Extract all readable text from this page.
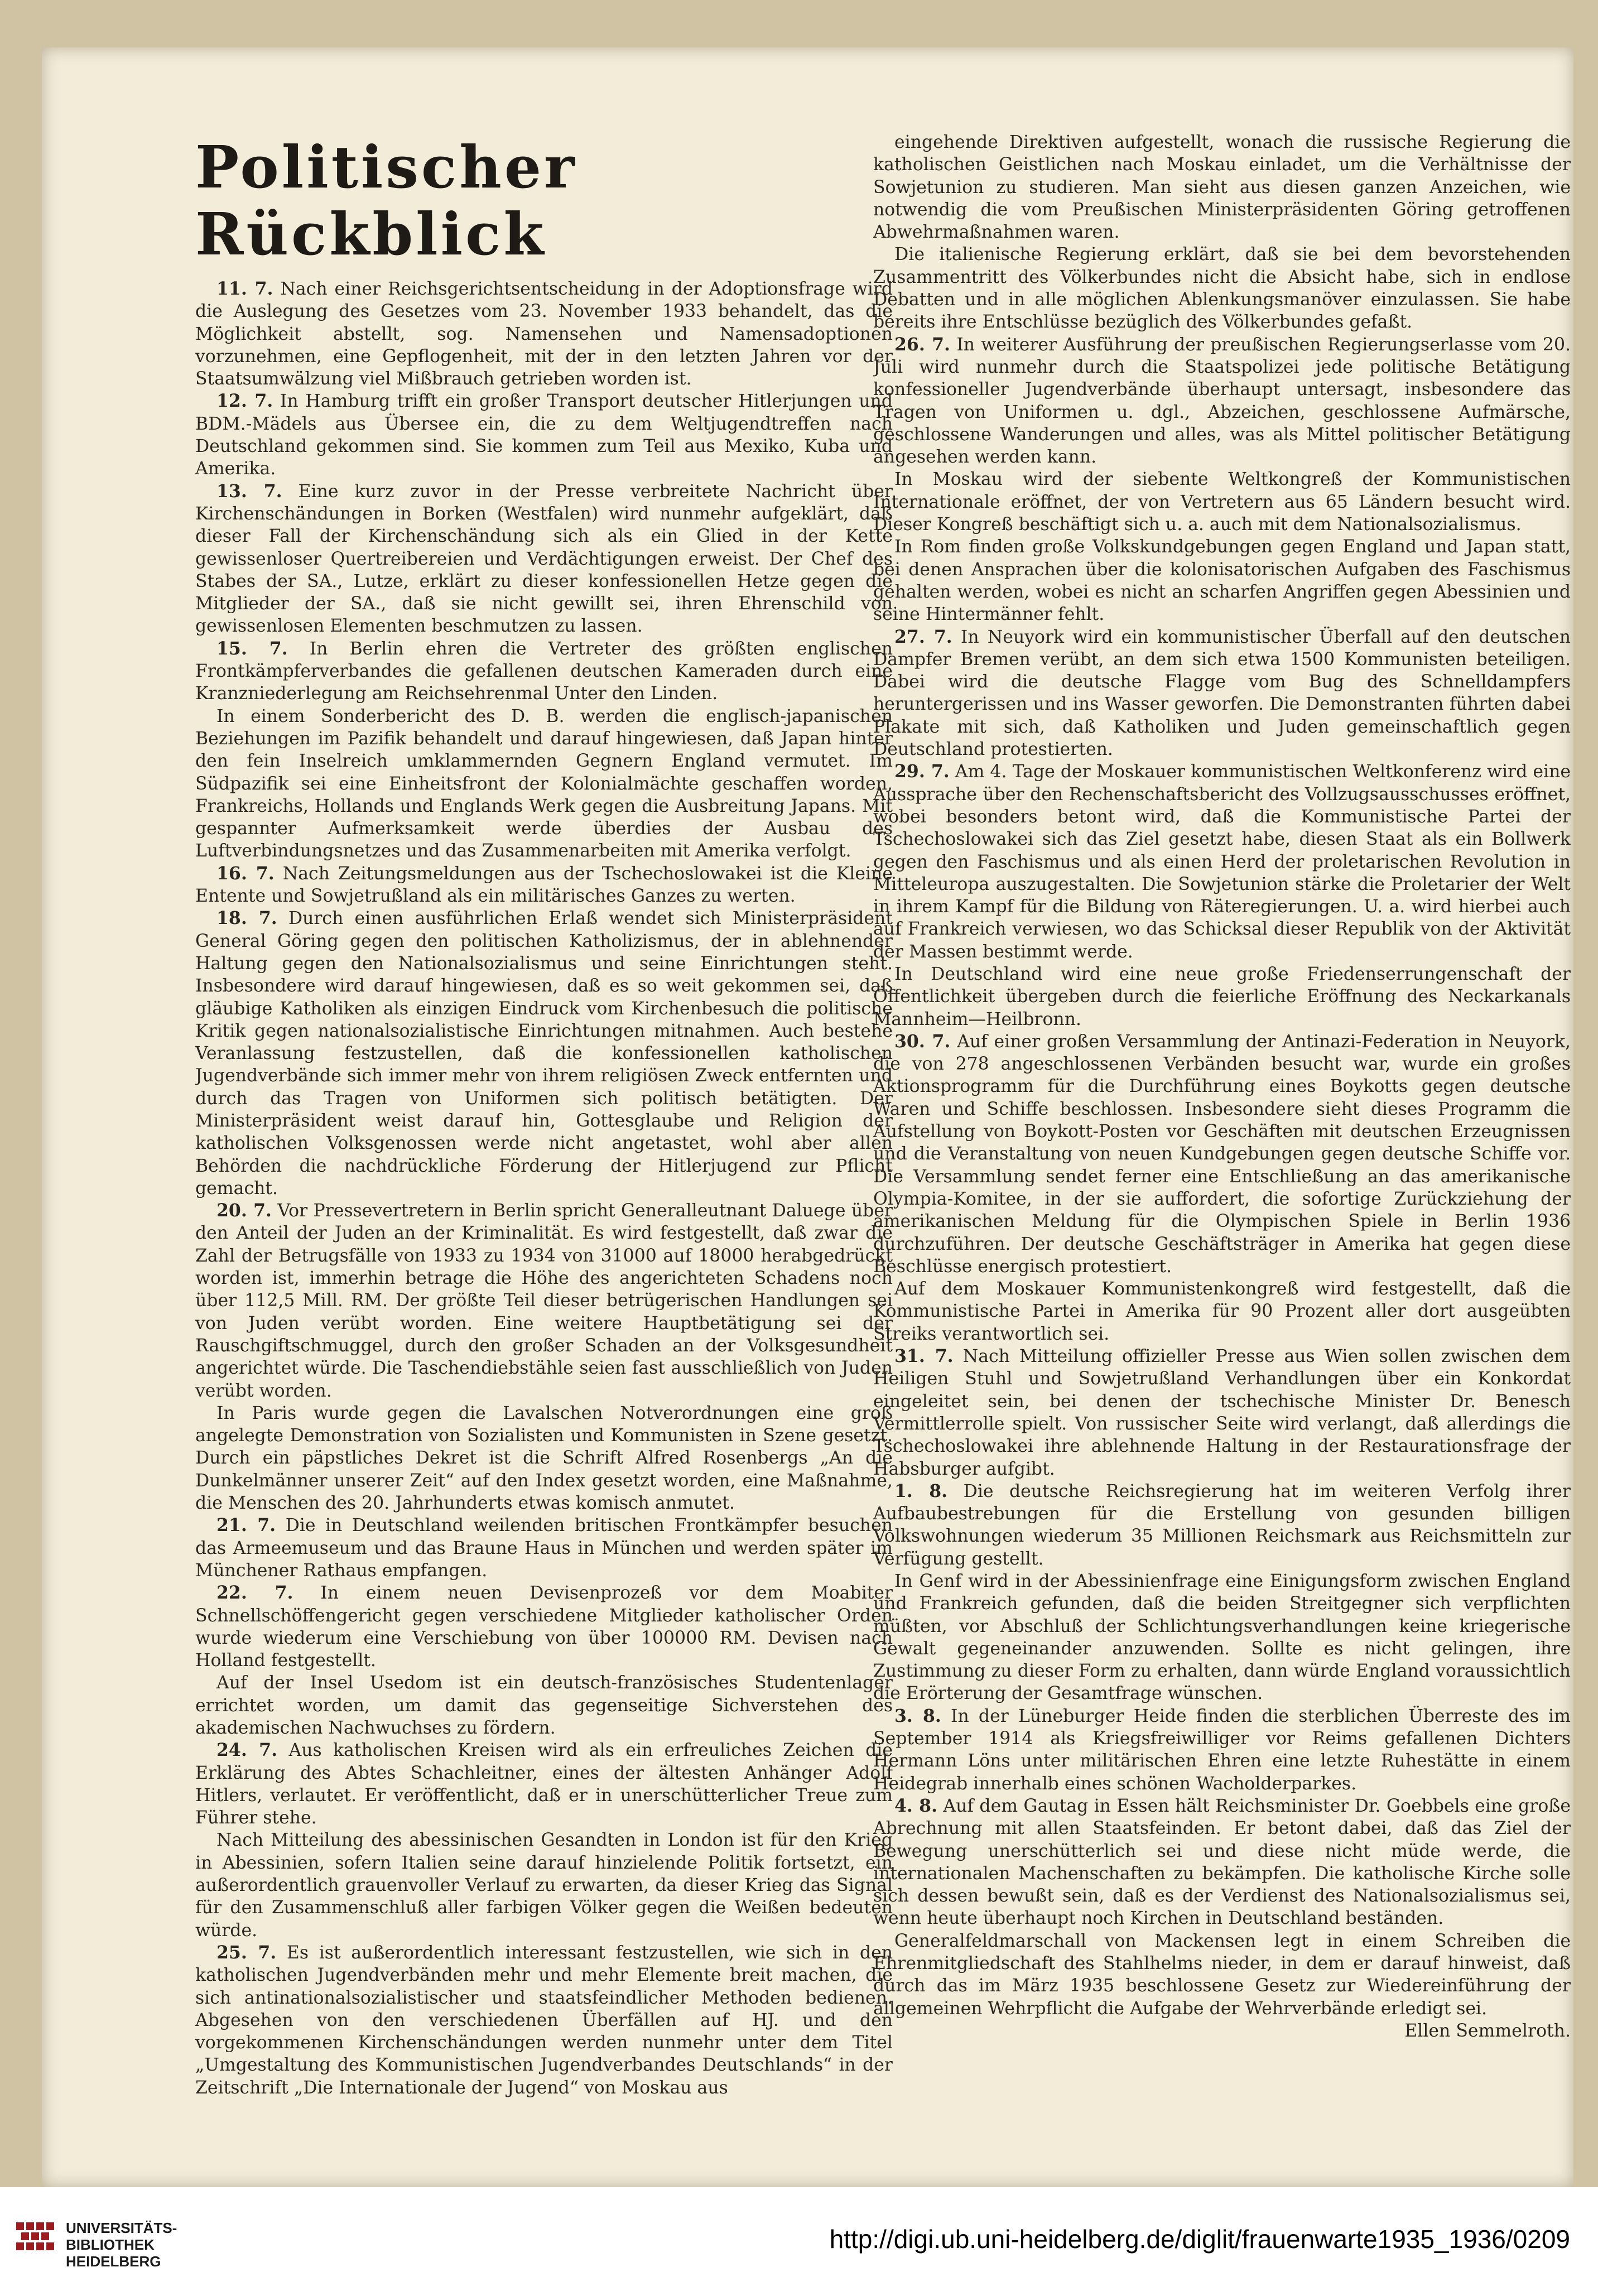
Politischer Rückblick

11. 7. Nach einer Reichsgerichtsentscheidung in der Adoptionsfrage wird die Auslegung des Gesetzes vom 23. November 1933 behandelt, das die Möglichkeit abstellt, sog. Namensehen und Namensadoptionen vorzunehmen, eine Gepflogenheit, mit der in den letzten Jahren vor der Staatsumwälzung viel Mißbrauch getrieben worden ist.

12. 7. In Hamburg trifft ein großer Transport deutscher Hitlerjungen und BDM.-Mädels aus Übersee ein, die zu dem Weltjugendtreffen nach Deutschland gekommen sind. Sie kommen zum Teil aus Mexiko, Kuba und Amerika.

13. 7. Eine kurz zuvor in der Presse verbreitete Nachricht über Kirchenschändungen in Borken (Westfalen) wird nunmehr aufgeklärt, daß dieser Fall der Kirchenschändung sich als ein Glied in der Kette gewissenloser Quertreibereien und Verdächtigungen erweist. Der Chef des Stabes der SA., Lutze, erklärt zu dieser konfessionellen Hetze gegen die Mitglieder der SA., daß sie nicht gewillt sei, ihren Ehrenschild von gewissenlosen Elementen beschmutzen zu lassen.

15. 7. In Berlin ehren die Vertreter des größten englischen Frontkämpferverbandes die gefallenen deutschen Kameraden durch eine Kranzniederlegung am Reichsehrenmal Unter den Linden.

In einem Sonderbericht des D. B. werden die englisch-japanischen Beziehungen im Pazifik behandelt und darauf hingewiesen, daß Japan hinter den fein Inselreich umklammernden Gegnern England vermutet. Im Südpazifik sei eine Einheitsfront der Kolonialmächte geschaffen worden, Frankreichs, Hollands und Englands Werk gegen die Ausbreitung Japans. Mit gespannter Aufmerksamkeit werde überdies der Ausbau des Luftverbindungsnetzes und das Zusammenarbeiten mit Amerika verfolgt.

16. 7. Nach Zeitungsmeldungen aus der Tschechoslowakei ist die Kleine Entente und Sowjetrußland als ein militärisches Ganzes zu werten.

18. 7. Durch einen ausführlichen Erlaß wendet sich Ministerpräsident General Göring gegen den politischen Katholizismus, der in ablehnender Haltung gegen den Nationalsozialismus und seine Einrichtungen steht. Insbesondere wird darauf hingewiesen, daß es so weit gekommen sei, daß gläubige Katholiken als einzigen Eindruck vom Kirchenbesuch die politische Kritik gegen nationalsozialistische Einrichtungen mitnahmen. Auch bestehe Veranlassung festzustellen, daß die konfessionellen katholischen Jugendverbände sich immer mehr von ihrem religiösen Zweck entfernten und durch das Tragen von Uniformen sich politisch betätigten. Der Ministerpräsident weist darauf hin, Gottesglaube und Religion der katholischen Volksgenossen werde nicht angetastet, wohl aber allen Behörden die nachdrückliche Förderung der Hitlerjugend zur Pflicht gemacht.

20. 7. Vor Pressevertretern in Berlin spricht Generalleutnant Daluege über den Anteil der Juden an der Kriminalität. Es wird festgestellt, daß zwar die Zahl der Betrugsfälle von 1933 zu 1934 von 31000 auf 18000 herabgedrückt worden ist, immerhin betrage die Höhe des angerichteten Schadens noch über 112,5 Mill. RM. Der größte Teil dieser betrügerischen Handlungen sei von Juden verübt worden. Eine weitere Hauptbetätigung sei der Rauschgiftschmuggel, durch den großer Schaden an der Volksgesundheit angerichtet würde. Die Taschendiebstähle seien fast ausschließlich von Juden verübt worden.

In Paris wurde gegen die Lavalschen Notverordnungen eine groß angelegte Demonstration von Sozialisten und Kommunisten in Szene gesetzt. Durch ein päpstliches Dekret ist die Schrift Alfred Rosenbergs „An die Dunkelmänner unserer Zeit“ auf den Index gesetzt worden, eine Maßnahme, die Menschen des 20. Jahrhunderts etwas komisch anmutet.

21. 7. Die in Deutschland weilenden britischen Frontkämpfer besuchen das Armeemuseum und das Braune Haus in München und werden später im Münchener Rathaus empfangen.

22. 7. In einem neuen Devisenprozeß vor dem Moabiter Schnellschöffengericht gegen verschiedene Mitglieder katholischer Orden wurde wiederum eine Verschiebung von über 100000 RM. Devisen nach Holland festgestellt.

Auf der Insel Usedom ist ein deutsch-französisches Studentenlager errichtet worden, um damit das gegenseitige Sichverstehen des akademischen Nachwuchses zu fördern.

24. 7. Aus katholischen Kreisen wird als ein erfreuliches Zeichen die Erklärung des Abtes Schachleitner, eines der ältesten Anhänger Adolf Hitlers, verlautet. Er veröffentlicht, daß er in unerschütterlicher Treue zum Führer stehe.

Nach Mitteilung des abessinischen Gesandten in London ist für den Krieg in Abessinien, sofern Italien seine darauf hinzielende Politik fortsetzt, ein außerordentlich grauenvoller Verlauf zu erwarten, da dieser Krieg das Signal für den Zusammenschluß aller farbigen Völker gegen die Weißen bedeuten würde.

25. 7. Es ist außerordentlich interessant festzustellen, wie sich in den katholischen Jugendverbänden mehr und mehr Elemente breit machen, die sich antinationalsozialistischer und staatsfeindlicher Methoden bedienen. Abgesehen von den verschiedenen Überfällen auf HJ. und den vorgekommenen Kirchenschändungen werden nunmehr unter dem Titel „Umgestaltung des Kommunistischen Jugendverbandes Deutschlands“ in der Zeitschrift „Die Internationale der Jugend“ von Moskau aus

eingehende Direktiven aufgestellt, wonach die russische Regierung die katholischen Geistlichen nach Moskau einladet, um die Verhältnisse der Sowjetunion zu studieren. Man sieht aus diesen ganzen Anzeichen, wie notwendig die vom Preußischen Ministerpräsidenten Göring getroffenen Abwehrmaßnahmen waren.

Die italienische Regierung erklärt, daß sie bei dem bevorstehenden Zusammentritt des Völkerbundes nicht die Absicht habe, sich in endlose Debatten und in alle möglichen Ablenkungsmanöver einzulassen. Sie habe bereits ihre Entschlüsse bezüglich des Völkerbundes gefaßt.

26. 7. In weiterer Ausführung der preußischen Regierungserlasse vom 20. Juli wird nunmehr durch die Staatspolizei jede politische Betätigung konfessioneller Jugendverbände überhaupt untersagt, insbesondere das Tragen von Uniformen u. dgl., Abzeichen, geschlossene Aufmärsche, geschlossene Wanderungen und alles, was als Mittel politischer Betätigung angesehen werden kann.

In Moskau wird der siebente Weltkongreß der Kommunistischen Internationale eröffnet, der von Vertretern aus 65 Ländern besucht wird. Dieser Kongreß beschäftigt sich u. a. auch mit dem Nationalsozialismus.

In Rom finden große Volkskundgebungen gegen England und Japan statt, bei denen Ansprachen über die kolonisatorischen Aufgaben des Faschismus gehalten werden, wobei es nicht an scharfen Angriffen gegen Abessinien und seine Hintermänner fehlt.

27. 7. In Neuyork wird ein kommunistischer Überfall auf den deutschen Dampfer Bremen verübt, an dem sich etwa 1500 Kommunisten beteiligen. Dabei wird die deutsche Flagge vom Bug des Schnelldampfers heruntergerissen und ins Wasser geworfen. Die Demonstranten führten dabei Plakate mit sich, daß Katholiken und Juden gemeinschaftlich gegen Deutschland protestierten.

29. 7. Am 4. Tage der Moskauer kommunistischen Weltkonferenz wird eine Aussprache über den Rechenschaftsbericht des Vollzugsausschusses eröffnet, wobei besonders betont wird, daß die Kommunistische Partei der Tschechoslowakei sich das Ziel gesetzt habe, diesen Staat als ein Bollwerk gegen den Faschismus und als einen Herd der proletarischen Revolution in Mitteleuropa auszugestalten. Die Sowjetunion stärke die Proletarier der Welt in ihrem Kampf für die Bildung von Räteregierungen. U. a. wird hierbei auch auf Frankreich verwiesen, wo das Schicksal dieser Republik von der Aktivität der Massen bestimmt werde.

In Deutschland wird eine neue große Friedenserrungenschaft der Öffentlichkeit übergeben durch die feierliche Eröffnung des Neckarkanals Mannheim—Heilbronn.

30. 7. Auf einer großen Versammlung der Antinazi-Federation in Neuyork, die von 278 angeschlossenen Verbänden besucht war, wurde ein großes Aktionsprogramm für die Durchführung eines Boykotts gegen deutsche Waren und Schiffe beschlossen. Insbesondere sieht dieses Programm die Aufstellung von Boykott-Posten vor Geschäften mit deutschen Erzeugnissen und die Veranstaltung von neuen Kundgebungen gegen deutsche Schiffe vor. Die Versammlung sendet ferner eine Entschließung an das amerikanische Olympia-Komitee, in der sie auffordert, die sofortige Zurückziehung der amerikanischen Meldung für die Olympischen Spiele in Berlin 1936 durchzuführen. Der deutsche Geschäftsträger in Amerika hat gegen diese Beschlüsse energisch protestiert.

Auf dem Moskauer Kommunistenkongreß wird festgestellt, daß die Kommunistische Partei in Amerika für 90 Prozent aller dort ausgeübten Streiks verantwortlich sei.

31. 7. Nach Mitteilung offizieller Presse aus Wien sollen zwischen dem Heiligen Stuhl und Sowjetrußland Verhandlungen über ein Konkordat eingeleitet sein, bei denen der tschechische Minister Dr. Benesch Vermittlerrolle spielt. Von russischer Seite wird verlangt, daß allerdings die Tschechoslowakei ihre ablehnende Haltung in der Restaurationsfrage der Habsburger aufgibt.

1. 8. Die deutsche Reichsregierung hat im weiteren Verfolg ihrer Aufbaubestrebungen für die Erstellung von gesunden billigen Volkswohnungen wiederum 35 Millionen Reichsmark aus Reichsmitteln zur Verfügung gestellt.

In Genf wird in der Abessinienfrage eine Einigungsform zwischen England und Frankreich gefunden, daß die beiden Streitgegner sich verpflichten müßten, vor Abschluß der Schlichtungsverhandlungen keine kriegerische Gewalt gegeneinander anzuwenden. Sollte es nicht gelingen, ihre Zustimmung zu dieser Form zu erhalten, dann würde England voraussichtlich die Erörterung der Gesamtfrage wünschen.

3. 8. In der Lüneburger Heide finden die sterblichen Überreste des im September 1914 als Kriegsfreiwilliger vor Reims gefallenen Dichters Hermann Löns unter militärischen Ehren eine letzte Ruhestätte in einem Heidegrab innerhalb eines schönen Wacholderparkes.

4. 8. Auf dem Gautag in Essen hält Reichsminister Dr. Goebbels eine große Abrechnung mit allen Staatsfeinden. Er betont dabei, daß das Ziel der Bewegung unerschütterlich sei und diese nicht müde werde, die internationalen Machenschaften zu bekämpfen. Die katholische Kirche solle sich dessen bewußt sein, daß es der Verdienst des Nationalsozialismus sei, wenn heute überhaupt noch Kirchen in Deutschland beständen.

Generalfeldmarschall von Mackensen legt in einem Schreiben die Ehrenmitgliedschaft des Stahlhelms nieder, in dem er darauf hinweist, daß durch das im März 1935 beschlossene Gesetz zur Wiedereinführung der allgemeinen Wehrpflicht die Aufgabe der Wehrverbände erledigt sei.

Ellen Semmelroth.

UNIVERSITÄTS-
BIBLIOTHEK
HEIDELBERG
http://digi.ub.uni-heidelberg.de/diglit/frauenwarte1935_1936/0209
